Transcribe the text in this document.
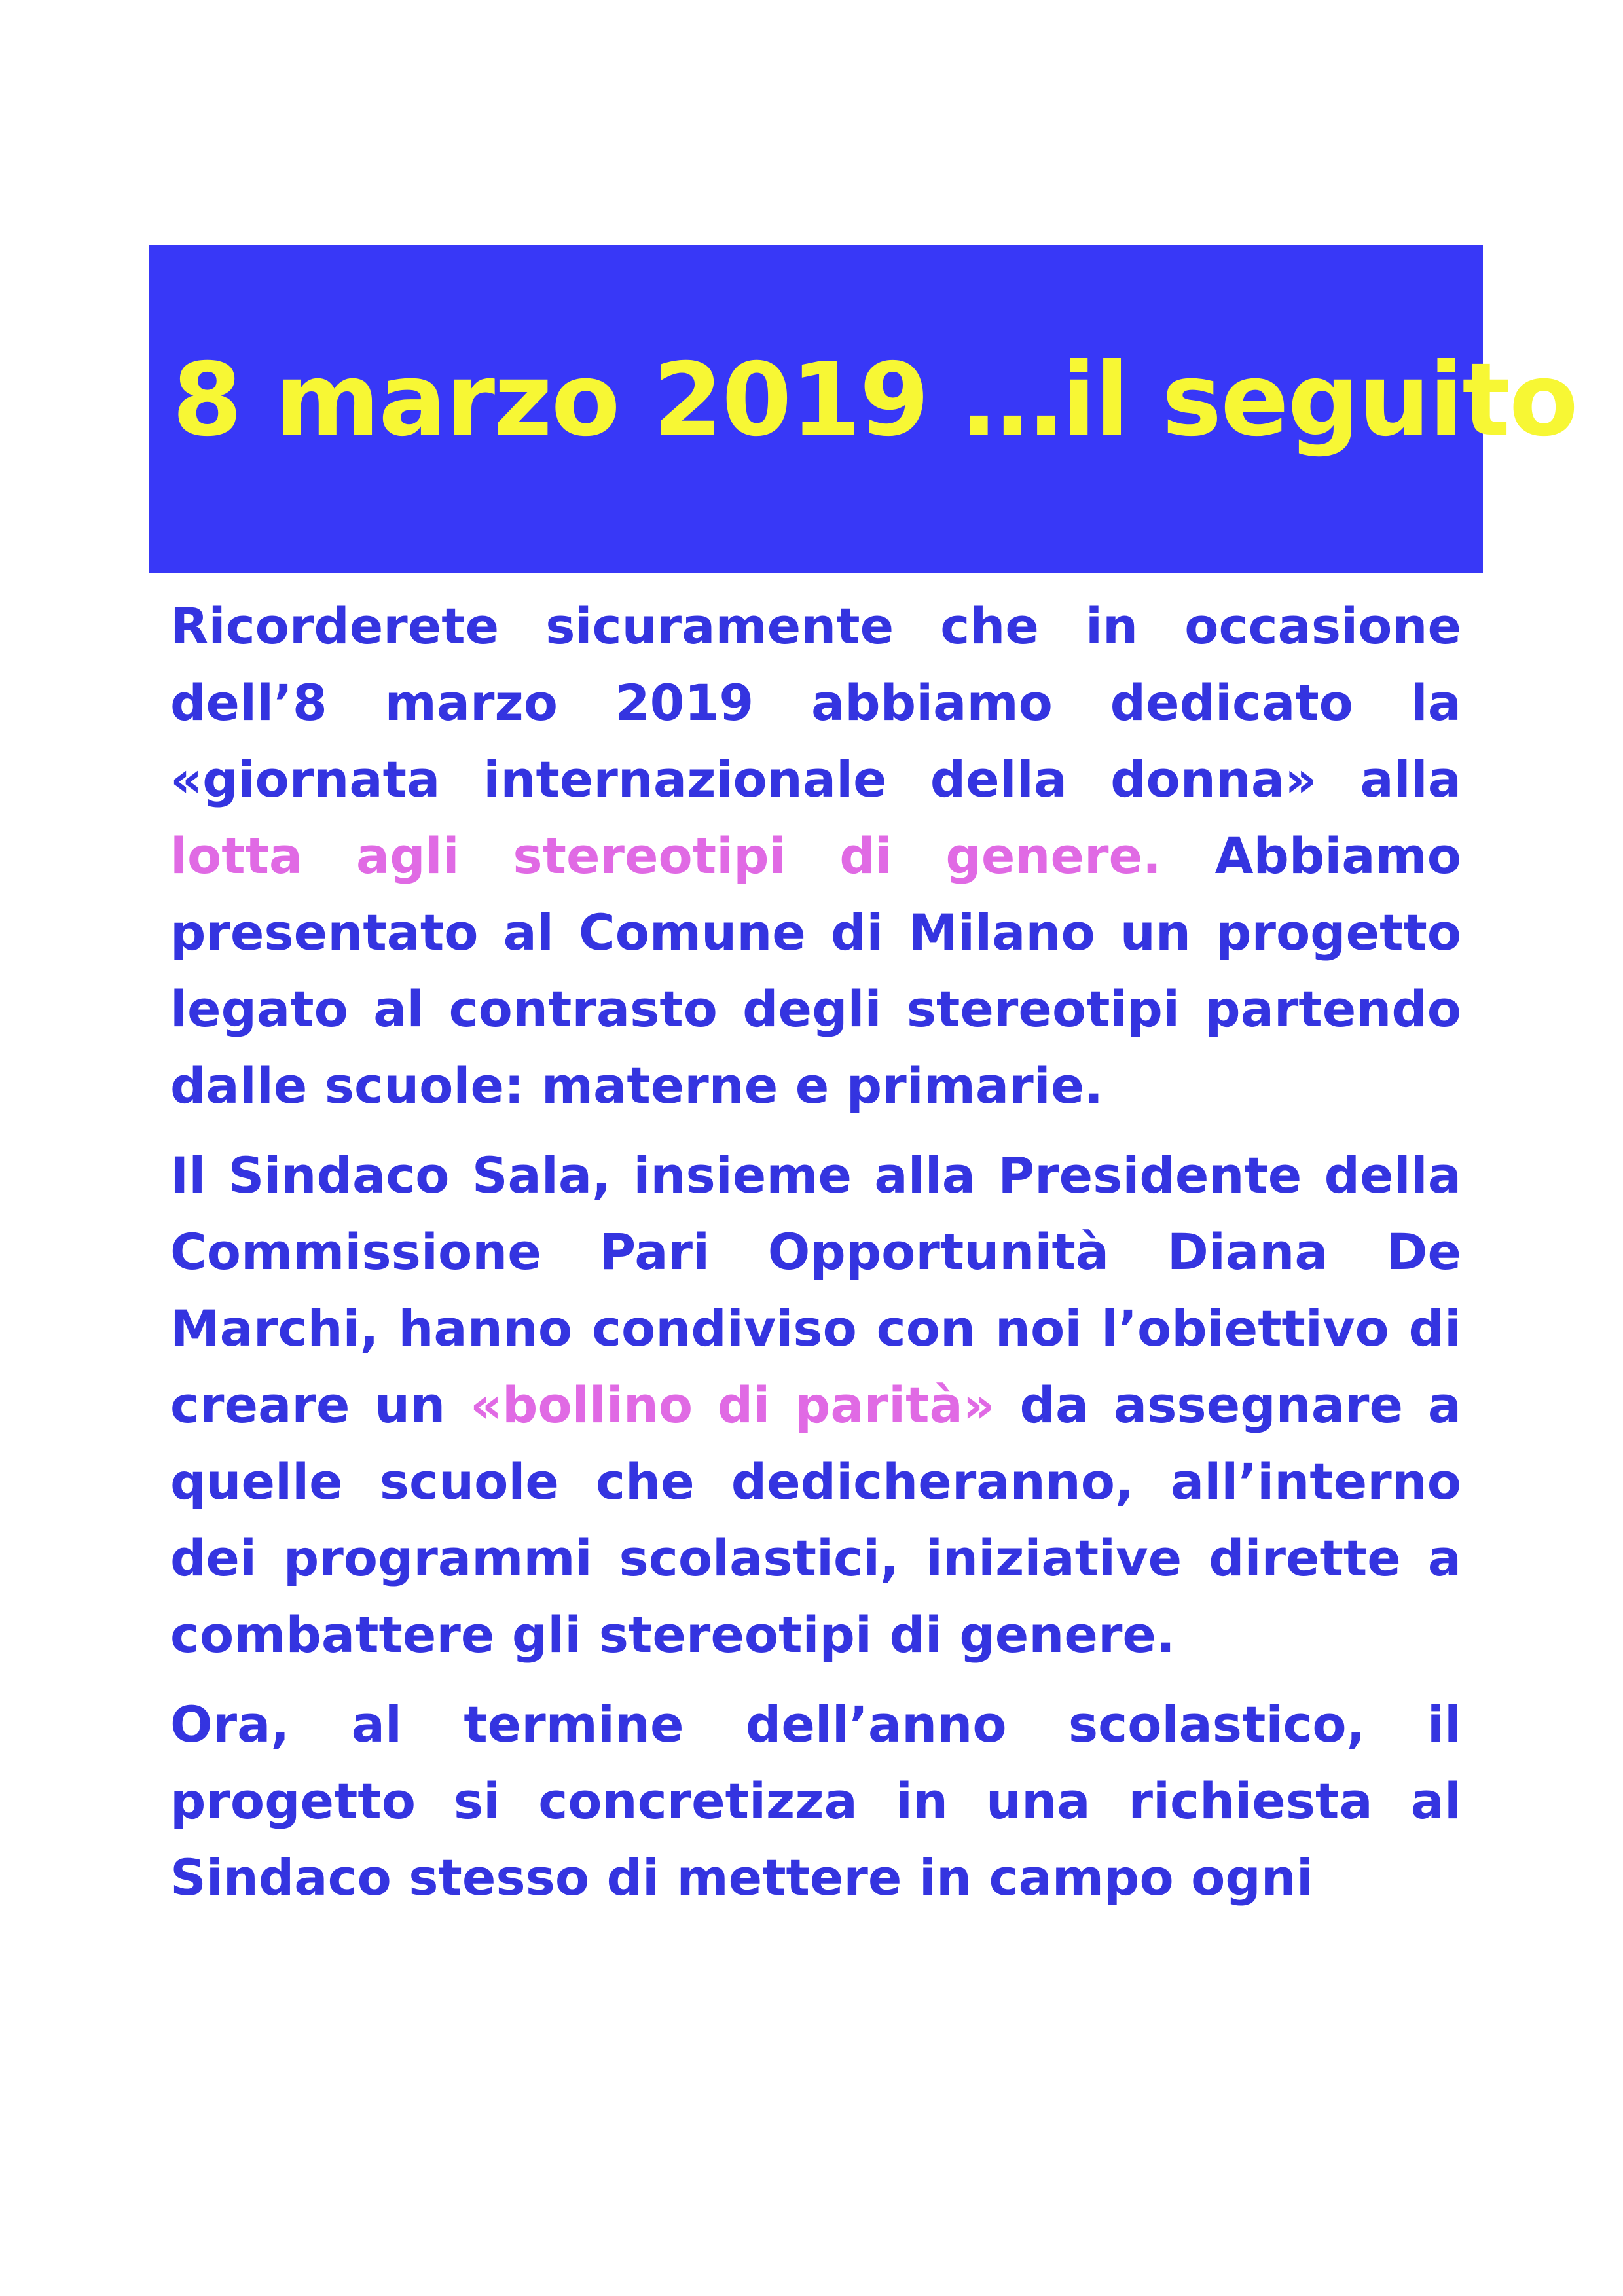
8 marzo 2019 …il seguito

Ricorderete sicuramente che in occasione dell’8 marzo 2019 abbiamo dedicato la «giornata internazionale della donna» alla lotta agli stereotipi di genere. Abbiamo presentato al Comune di Milano un progetto legato al contrasto degli stereotipi partendo dalle scuole: materne e primarie.

Il Sindaco Sala, insieme alla Presidente della Commissione Pari Opportunità Diana De Marchi, hanno condiviso con noi l’obiettivo di creare un «bollino di parità» da assegnare a quelle scuole che dedicheranno, all’interno dei programmi scolastici, iniziative dirette a combattere gli stereotipi di genere.

Ora, al termine dell’anno scolastico, il progetto si concretizza in una richiesta al Sindaco stesso di mettere in campo ogni
